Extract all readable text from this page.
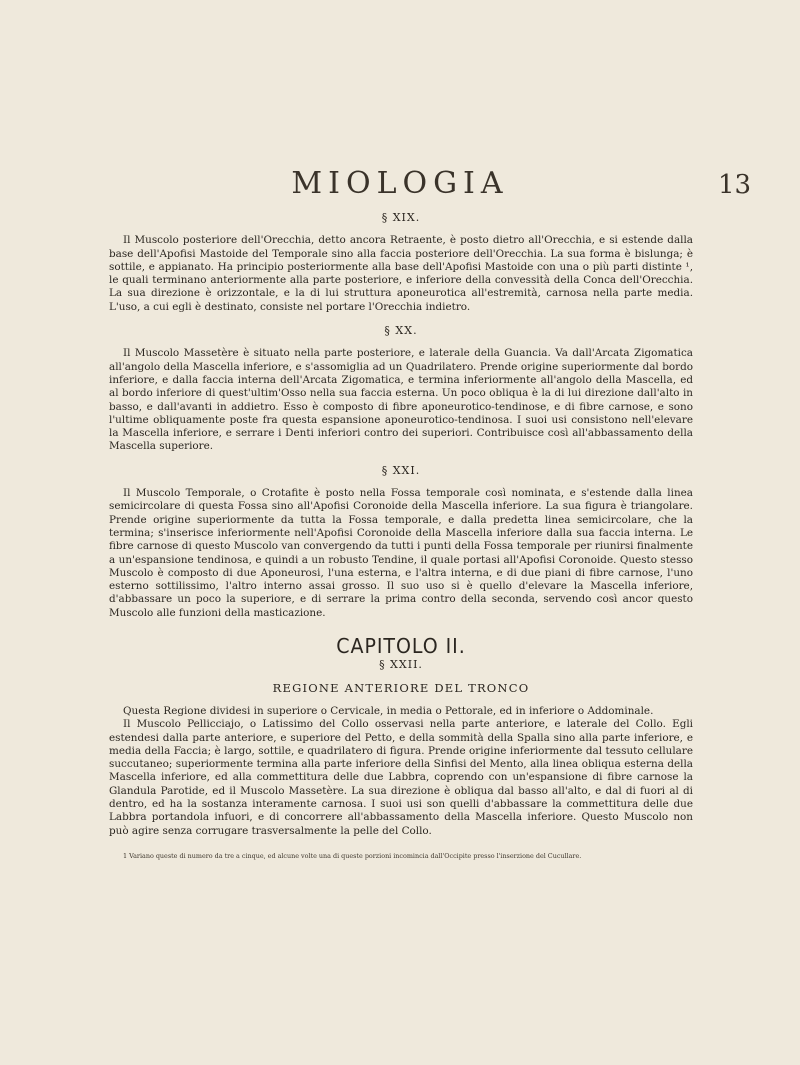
MIOLOGIA	13
§ XIX.

Il Muscolo posteriore dell'Orecchia, detto ancora Retraente, è posto dietro all'Orecchia, e si estende dalla base dell'Apofisi Mastoide del Temporale sino alla faccia posteriore dell'Orecchia. La sua forma è bislunga; è sottile, e appianato. Ha principio posteriormente alla base dell'Apofisi Mastoide con una o più parti distinte ¹, le quali terminano anteriormente alla parte posteriore, e inferiore della convessità della Conca dell'Orecchia. La sua direzione è orizzontale, e la di lui struttura aponeurotica all'estremità, carnosa nella parte media. L'uso, a cui egli è destinato, consiste nel portare l'Orecchia indietro.

§ XX.

Il Muscolo Massetère è situato nella parte posteriore, e laterale della Guancia. Va dall'Arcata Zigomatica all'angolo della Mascella inferiore, e s'assomiglia ad un Quadrilatero. Prende origine superiormente dal bordo inferiore, e dalla faccia interna dell'Arcata Zigomatica, e termina inferiormente all'angolo della Mascella, ed al bordo inferiore di quest'ultim'Osso nella sua faccia esterna. Un poco obliqua è la di lui direzione dall'alto in basso, e dall'avanti in addietro. Esso è composto di fibre aponeurotico-tendinose, e di fibre carnose, e sono l'ultime obliquamente poste fra questa espansione aponeurotico-tendinosa. I suoi usi consistono nell'elevare la Mascella inferiore, e serrare i Denti inferiori contro dei superiori. Contribuisce così all'abbassamento della Mascella superiore.

§ XXI.

Il Muscolo Temporale, o Crotafite è posto nella Fossa temporale così nominata, e s'estende dalla linea semicircolare di questa Fossa sino all'Apofisi Coronoide della Mascella inferiore. La sua figura è triangolare. Prende origine superiormente da tutta la Fossa temporale, e dalla predetta linea semicircolare, che la termina; s'inserisce inferiormente nell'Apofisi Coronoide della Mascella inferiore dalla sua faccia interna. Le fibre carnose di questo Muscolo van convergendo da tutti i punti della Fossa temporale per riunirsi finalmente a un'espansione tendinosa, e quindi a un robusto Tendine, il quale portasi all'Apofisi Coronoide. Questo stesso Muscolo è composto di due Aponeurosi, l'una esterna, e l'altra interna, e di due piani di fibre carnose, l'uno esterno sottilissimo, l'altro interno assai grosso. Il suo uso si è quello d'elevare la Mascella inferiore, d'abbassare un poco la superiore, e di serrare la prima contro della seconda, servendo così ancor questo Muscolo alle funzioni della masticazione.

CAPITOLO II.
§ XXII.
REGIONE ANTERIORE DEL TRONCO

Questa Regione dividesi in superiore o Cervicale, in media o Pettorale, ed in inferiore o Addominale.

Il Muscolo Pellicciajo, o Latissimo del Collo osservasi nella parte anteriore, e laterale del Collo. Egli estendesi dalla parte anteriore, e superiore del Petto, e della sommità della Spalla sino alla parte inferiore, e media della Faccia; è largo, sottile, e quadrilatero di figura. Prende origine inferiormente dal tessuto cellulare succutaneo; superiormente termina alla parte inferiore della Sinfisi del Mento, alla linea obliqua esterna della Mascella inferiore, ed alla commettitura delle due Labbra, coprendo con un'espansione di fibre carnose la Glandula Parotide, ed il Muscolo Massetère. La sua direzione è obliqua dal basso all'alto, e dal di fuori al di dentro, ed ha la sostanza interamente carnosa. I suoi usi son quelli d'abbassare la commettitura delle due Labbra portandola infuori, e di concorrere all'abbassamento della Mascella inferiore. Questo Muscolo non può agire senza corrugare trasversalmente la pelle del Collo.

1 Variano queste di numero da tre a cinque, ed alcune volte una di queste porzioni incomincia dall'Occipite presso l'inserzione del Cucullare.
